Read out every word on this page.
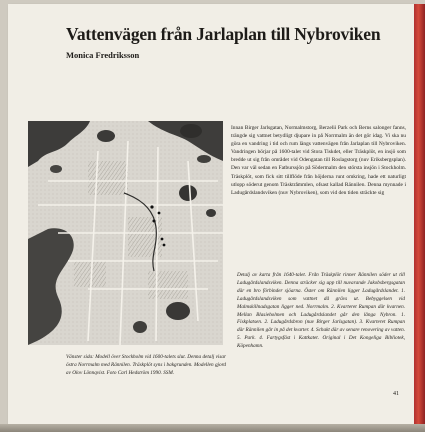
Vattenvägen från Jarlaplan till Nybroviken
Monica Fredriksson

Innan Birger Jarlsgatan, Normalmstorg, Berzelii Park och Berns salonger fanns, trängde sig vattnet betydligt djupare in på Norrmalm än det gör idag. Vi ska nu göra en vandring i tid och rum längs vattenvägen från Jarlaplan till Nybroviken. Vandringen börjar på 1600-talet vid Stora Tiskdet, eller Träskplöt, en insjö som bredde ut sig från området vid Odengatan till Roslagstorg (nuv Eriksbergsplan). Den var väl sedan en Fatburssjön på Södermalm den största insjön i Stockholm. Träskplöt, som fick sitt tillflöde från höjderna runt omkring, hade ett naturligt utlopp söderut genom Träsktråmmlen, ofsast kallad Rännilen. Denna mynnade i Ladugårdslandsviken (nuv Nybroviken), som vid den tiden sträckte sig

Detalj av karta från 1640-talet. Från Träskplöt rinner Rännilen söder ut till Ladugårdslandsviken. Denna sträcker sig upp till nuvarande Jakobsbergsgatan där en bro förbinder sjöarna. Öster om Rännilen ligger Ladugårdslandet. 1. Ladugårdslandsviken som vattnet då grävs ut. Bebyggelsen vid Malmskillnadsgatan ligger ned. Norrmalm. 2. Kvarteret Rumpan där kvarnen. Mellan Blasieholmen och Ladugårdslandet går den långa Nybron. 1. Fiskplatsen. 2. Ladugårdsbron (nuv Birger Jarlsgatan). 3. Kvarteret Rumpan där Rännilen går in på det kvarter. 4. Schakt där av senare renovering av vatten. 5. Park. 4. Fartygsfäst i Kattkatet. Original i Det Kongeliga Bibliotek, Köpenhamn.

Vänster sida: Modell över Stockholm vid 1600-talets slut. Denna detalj visar östra Norrmalm med Rännilen. Träskplöt syns i bakgrunden. Modellen gjord av Olov Lönnqvist. Foto Carl Hedström 1990. SSM.

41
